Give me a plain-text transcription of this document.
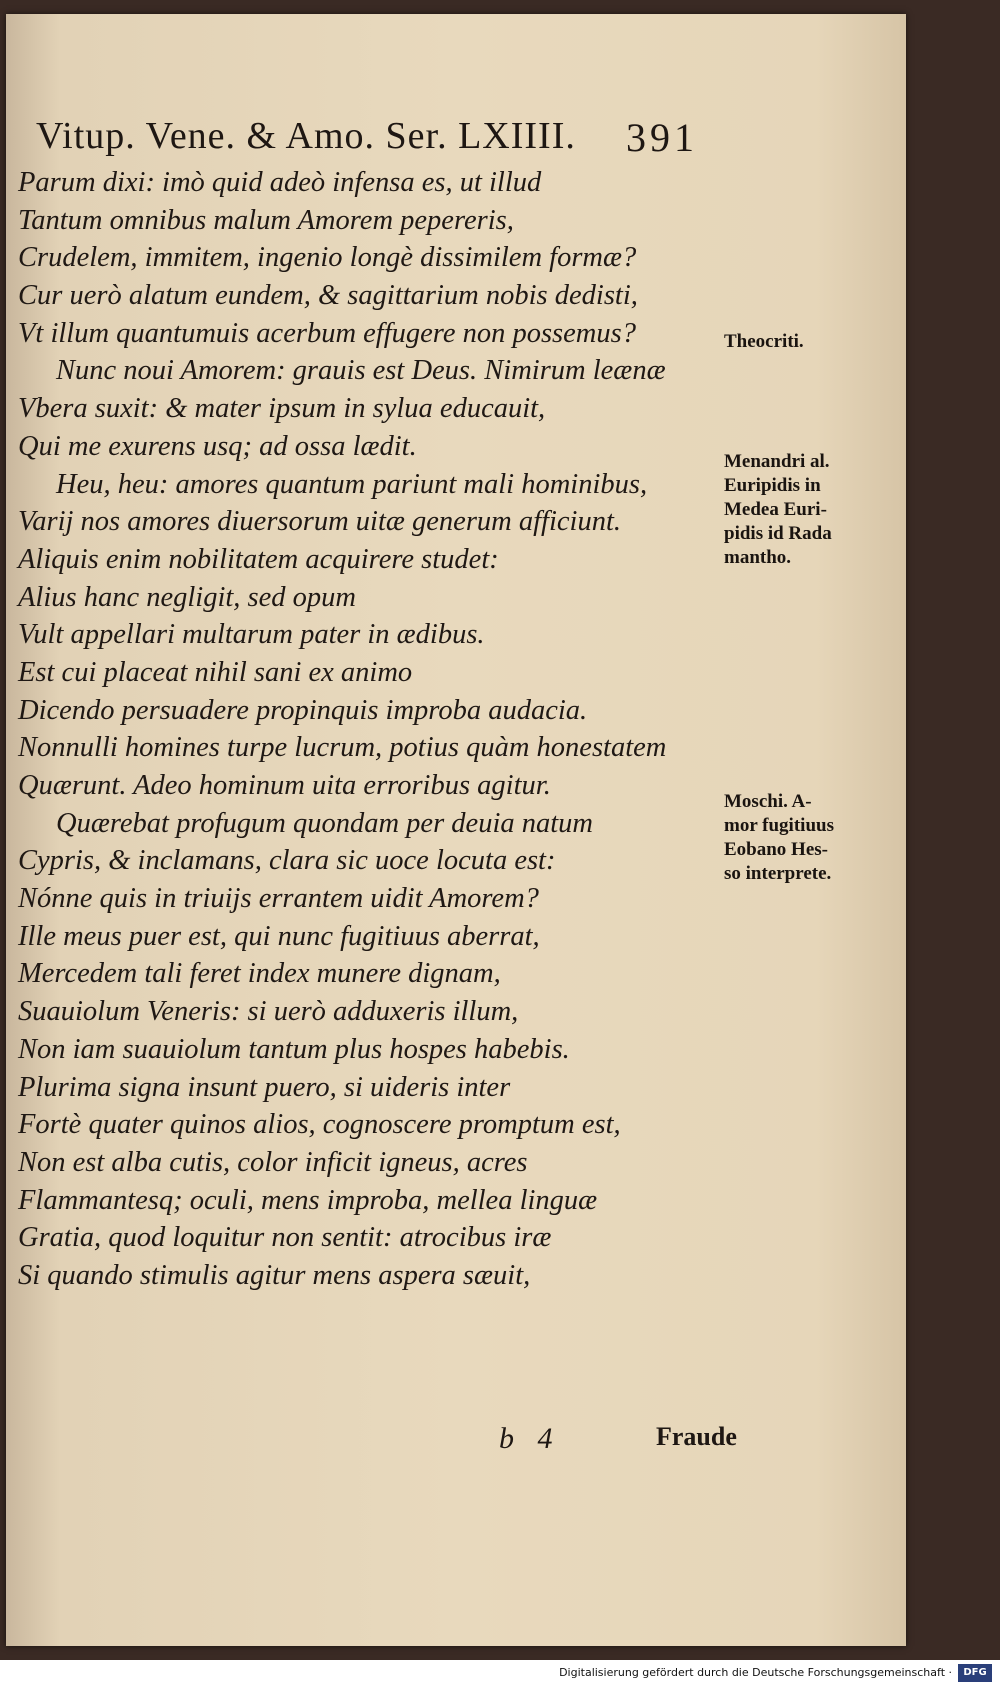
Vitup. Vene. & Amo. Ser. LXIIII. 391
Parum dixi: imò quid adeò infensa es, ut illud
Tantum omnibus malum Amorem pepereris,
Crudelem, immitem, ingenio longè dissimilem formæ?
Cur uerò alatum eundem, & sagittarium nobis dedisti,
Vt illum quantumuis acerbum effugere non possemus?
Nunc noui Amorem: grauis est Deus. Nimirum leænæ
Vbera suxit: & mater ipsum in sylua educauit,
Qui me exurens usq; ad ossa lædit.
Heu, heu: amores quantum pariunt mali hominibus,
Varij nos amores diuersorum uitæ generum afficiunt.
Aliquis enim nobilitatem acquirere studet:
Alius hanc negligit, sed opum
Vult appellari multarum pater in ædibus.
Est cui placeat nihil sani ex animo
Dicendo persuadere propinquis improba audacia.
Nonnulli homines turpe lucrum, potius quàm honestatem
Quærunt. Adeo hominum uita erroribus agitur.
Quærebat profugum quondam per deuia natum
Cypris, & inclamans, clara sic uoce locuta est:
Nónne quis in triuijs errantem uidit Amorem?
Ille meus puer est, qui nunc fugitiuus aberrat,
Mercedem tali feret index munere dignam,
Suauiolum Veneris: si uerò adduxeris illum,
Non iam suauiolum tantum plus hospes habebis.
Plurima signa insunt puero, si uideris inter
Fortè quater quinos alios, cognoscere promptum est,
Non est alba cutis, color inficit igneus, acres
Flammantesq; oculi, mens improba, mellea linguæ
Gratia, quod loquitur non sentit: atrocibus iræ
Si quando stimulis agitur mens aspera sæuit,
Theocriti.
Menandri al.
Euripidis in
Medea Euri-
pidis id Rada
mantho.
Moschi. A-
mor fugitiuus
Eobano Hes-
so interprete.
b 4	Fraude
Digitalisierung gefördert durch die Deutsche Forschungsgemeinschaft ·	DFG
